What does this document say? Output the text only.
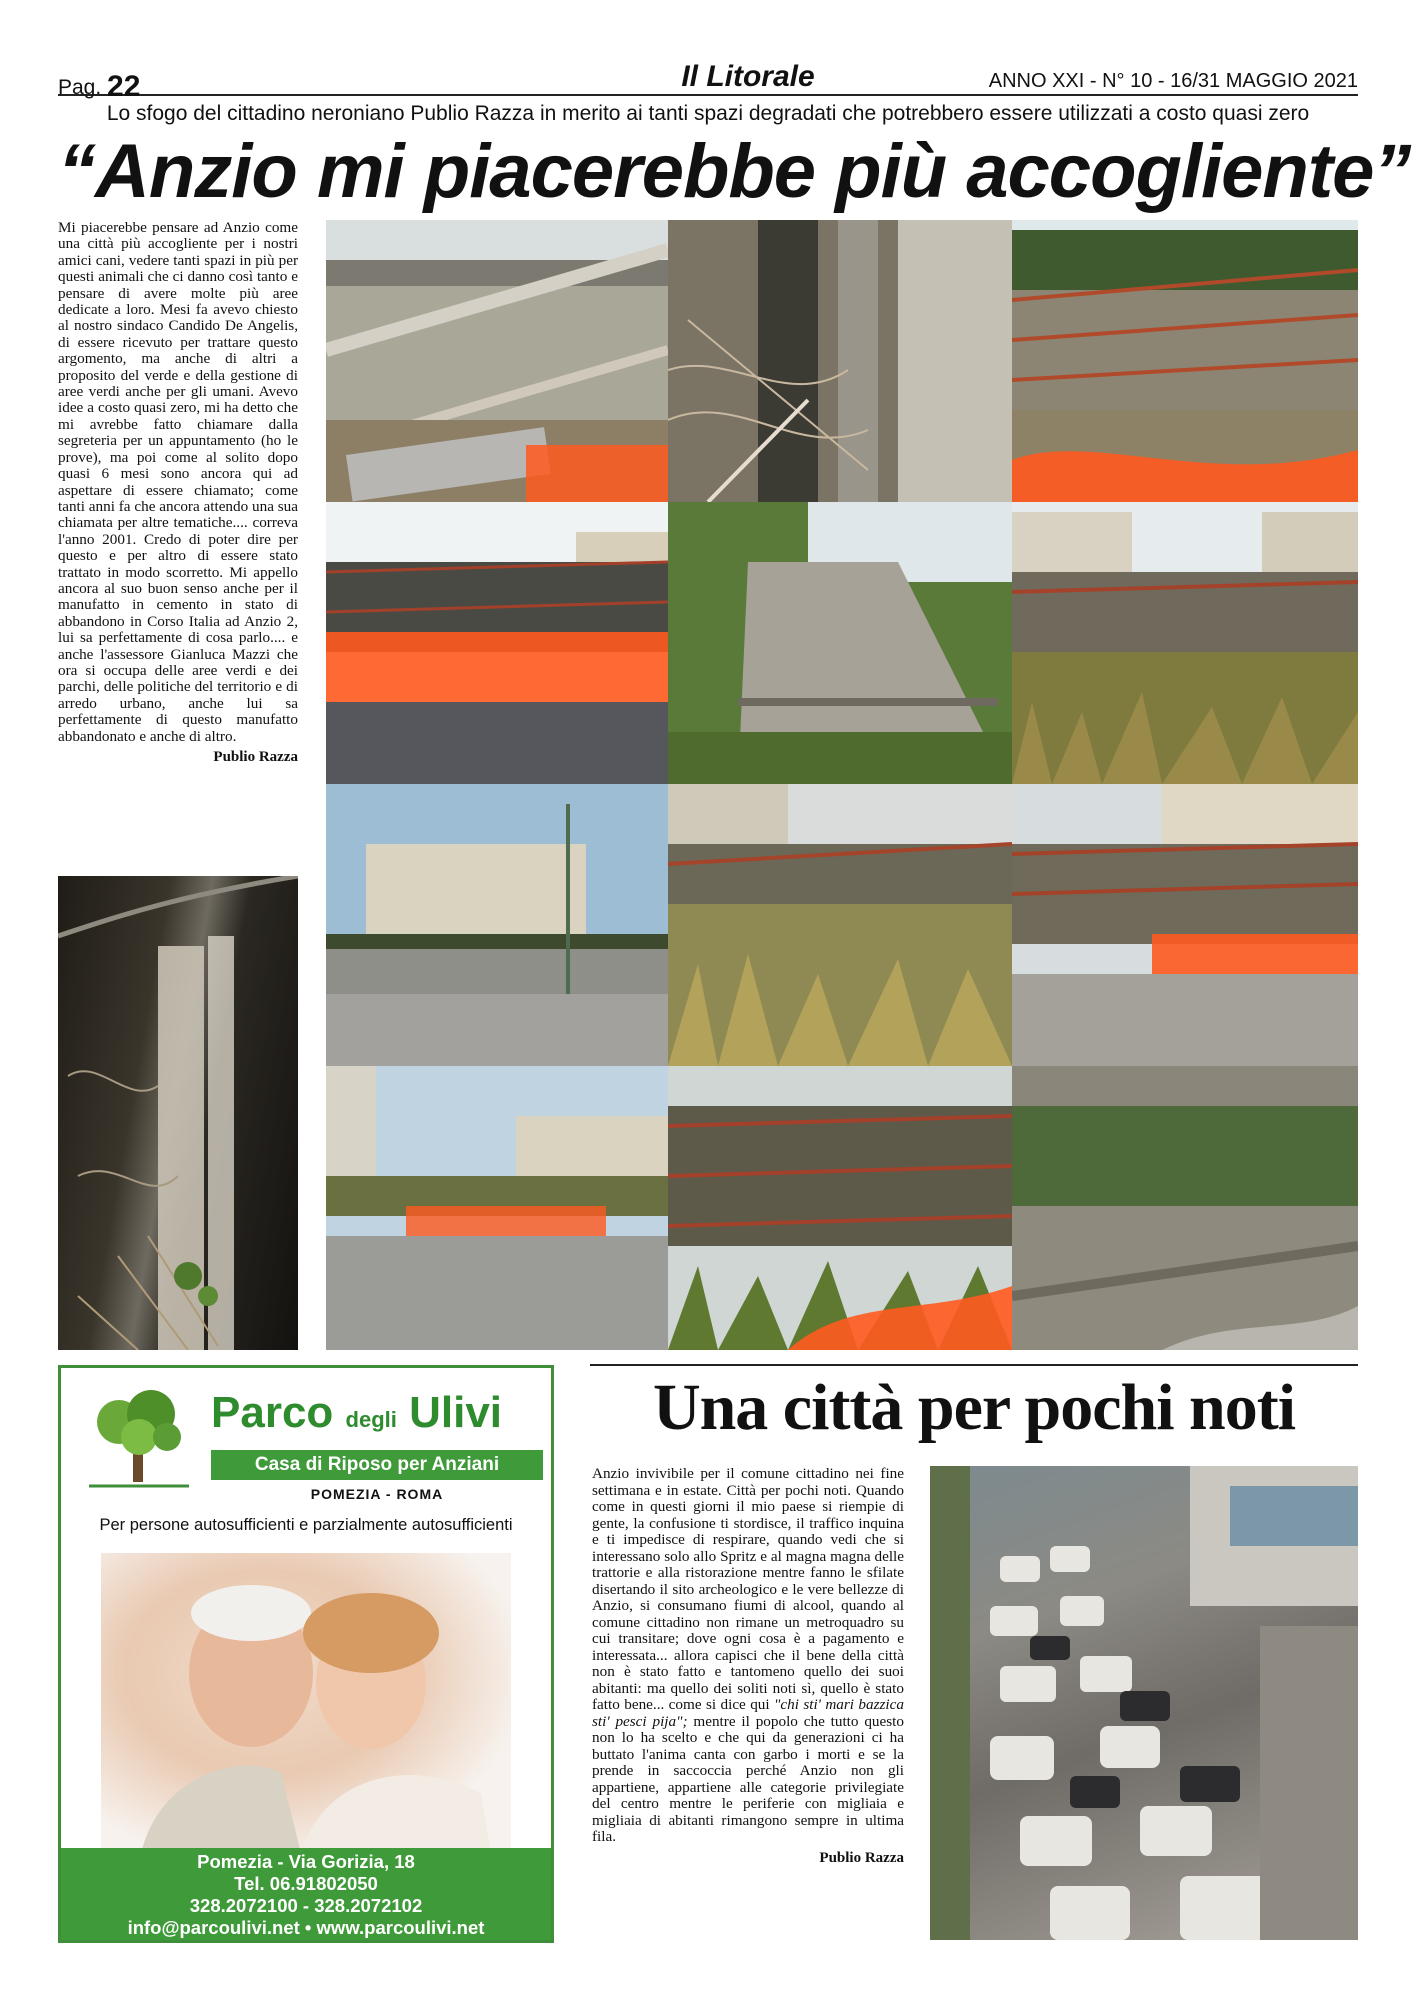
Pag. 22	Il Litorale	ANNO XXI - N° 10 - 16/31 MAGGIO 2021
Lo sfogo del cittadino neroniano Publio Razza in merito ai tanti spazi degradati che potrebbero essere utilizzati a costo quasi zero
“Anzio mi piacerebbe più accogliente”
Mi piacerebbe pensare ad Anzio come una città più accogliente per i nostri amici cani, vedere tanti spazi in più per questi animali che ci danno così tanto e pensare di avere molte più aree dedicate a loro. Mesi fa avevo chiesto al nostro sindaco Candido De Angelis, di essere ricevuto per trattare questo argomento, ma anche di altri a proposito del verde e della gestione di aree verdi anche per gli umani. Avevo idee a costo quasi zero, mi ha detto che mi avrebbe fatto chiamare dalla segreteria per un appuntamento (ho le prove), ma poi come al solito dopo quasi 6 mesi sono ancora qui ad aspettare di essere chiamato; come tanti anni fa che ancora attendo una sua chiamata per altre tematiche.... correva l'anno 2001. Credo di poter dire per questo e per altro di essere stato trattato in modo scorretto. Mi appello ancora al suo buon senso anche per il manufatto in cemento in stato di abbandono in Corso Italia ad Anzio 2, lui sa perfettamente di cosa parlo.... e anche l'assessore Gianluca Mazzi che ora si occupa delle aree verdi e dei parchi, delle politiche del territorio e di arredo urbano, anche lui sa perfettamente di questo manufatto abbandonato e anche di altro.
Publio Razza
Parco degli Ulivi
Casa di Riposo per Anziani
POMEZIA - ROMA
Per persone autosufficienti e parzialmente autosufficienti
Pomezia - Via Gorizia, 18
Tel. 06.91802050
328.2072100 - 328.2072102
info@parcoulivi.net • www.parcoulivi.net
Una città per pochi noti
Anzio invivibile per il comune cittadino nei fine settimana e in estate. Città per pochi noti. Quando come in questi giorni il mio paese si riempie di gente, la confusione ti stordisce, il traffico inquina e ti impedisce di respirare, quando vedi che si interessano solo allo Spritz e al magna magna delle trattorie e alla ristorazione mentre fanno le sfilate disertando il sito archeologico e le vere bellezze di Anzio, si consumano fiumi di alcool, quando al comune cittadino non rimane un metroquadro su cui transitare; dove ogni cosa è a pagamento e interessata... allora capisci che il bene della città non è stato fatto e tantomeno quello dei suoi abitanti: ma quello dei soliti noti sì, quello è stato fatto bene... come si dice qui "chi sti' mari bazzica sti' pesci pija"; mentre il popolo che tutto questo non lo ha scelto e che qui da generazioni ci ha buttato l'anima canta con garbo i morti e se la prende in saccoccia perché Anzio non gli appartiene, appartiene alle categorie privilegiate del centro mentre le periferie con migliaia e migliaia di abitanti rimangono sempre in ultima fila.
Publio Razza
